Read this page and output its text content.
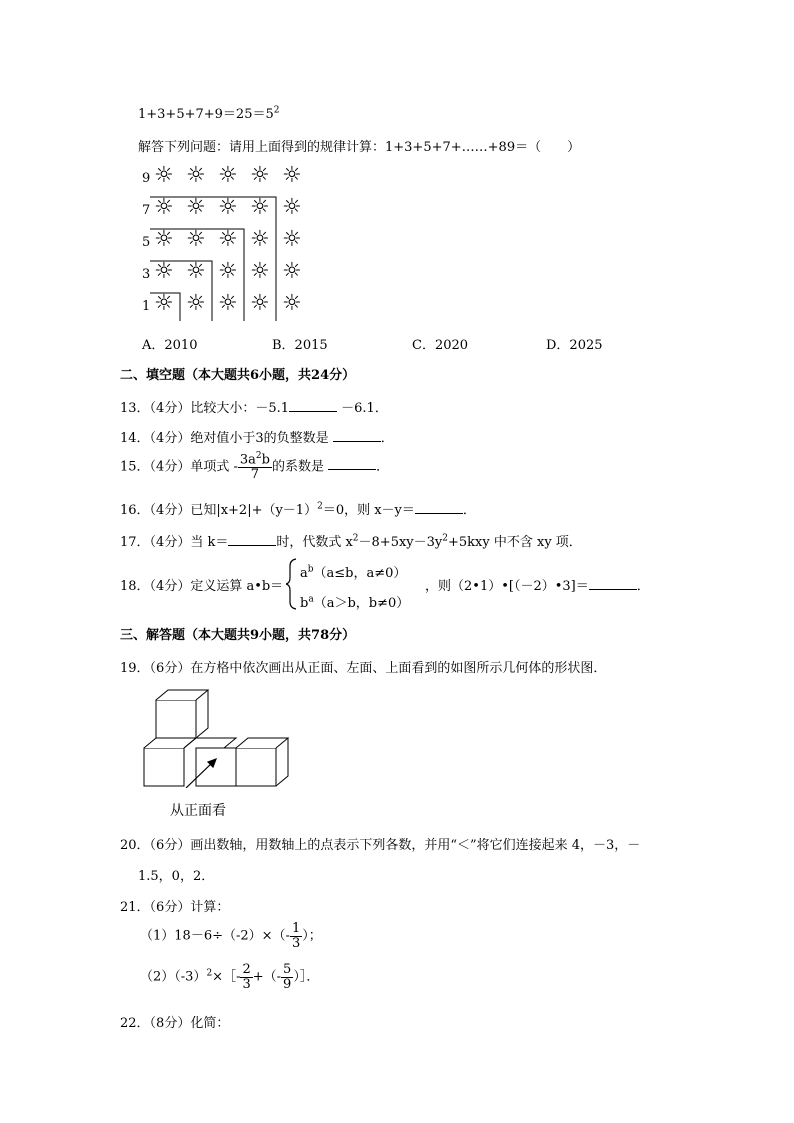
$1+3+5+7+9=25=5^2$
解答下列问题：请用上面得到的规律计算：1+3+5+7+……+89＝（　　）
9
7
5
3
1
☼ ☼ ☼ ☼ ☼
☼ ☼ ☼ ☼ ☼
☼ ☼ ☼ ☼ ☼
☼ ☼ ☼ ☼ ☼
☼ ☼ ☼ ☼ ☼
A．2010	B．2015	C．2020	D．2025
二、填空题（本大题共6小题，共24分）
13．（4分）比较大小：－5.1	－6.1．
14．（4分）绝对值小于3的负整数是	．
15．（4分）单项式 - $\frac{3a^2b}{7}$ 的系数是	．
16．（4分）已知$|x+2|+(y-1)^2=0$，则 x－y＝	．
17．（4分）当 k＝	时，代数式 $x^2-8+5xy-3y^2+5kxy$ 中不含 xy 项．
18．（4分）定义运算 a•b＝
$a^b(a\le b$，a≠0）
$b^a(a>b$，b≠0）
，则（2•1）•[（－2）•3]＝	．
三、解答题（本大题共9小题，共78分）
19．（6分）在方格中依次画出从正面、左面、上面看到的如图所示几何体的形状图．
从正面看
20．（6分）画出数轴，用数轴上的点表示下列各数，并用“＜”将它们连接起来 4，－3，－
1.5，0，2．
21．（6分）计算：
$(1)18-6\div(-2)\times(- \frac{1}{3}$ ）；
$(2)(-3)^2\times[- \frac{2}{3}$ +（- $\frac{5}{9}$ ）］．
22．（8分）化简：
